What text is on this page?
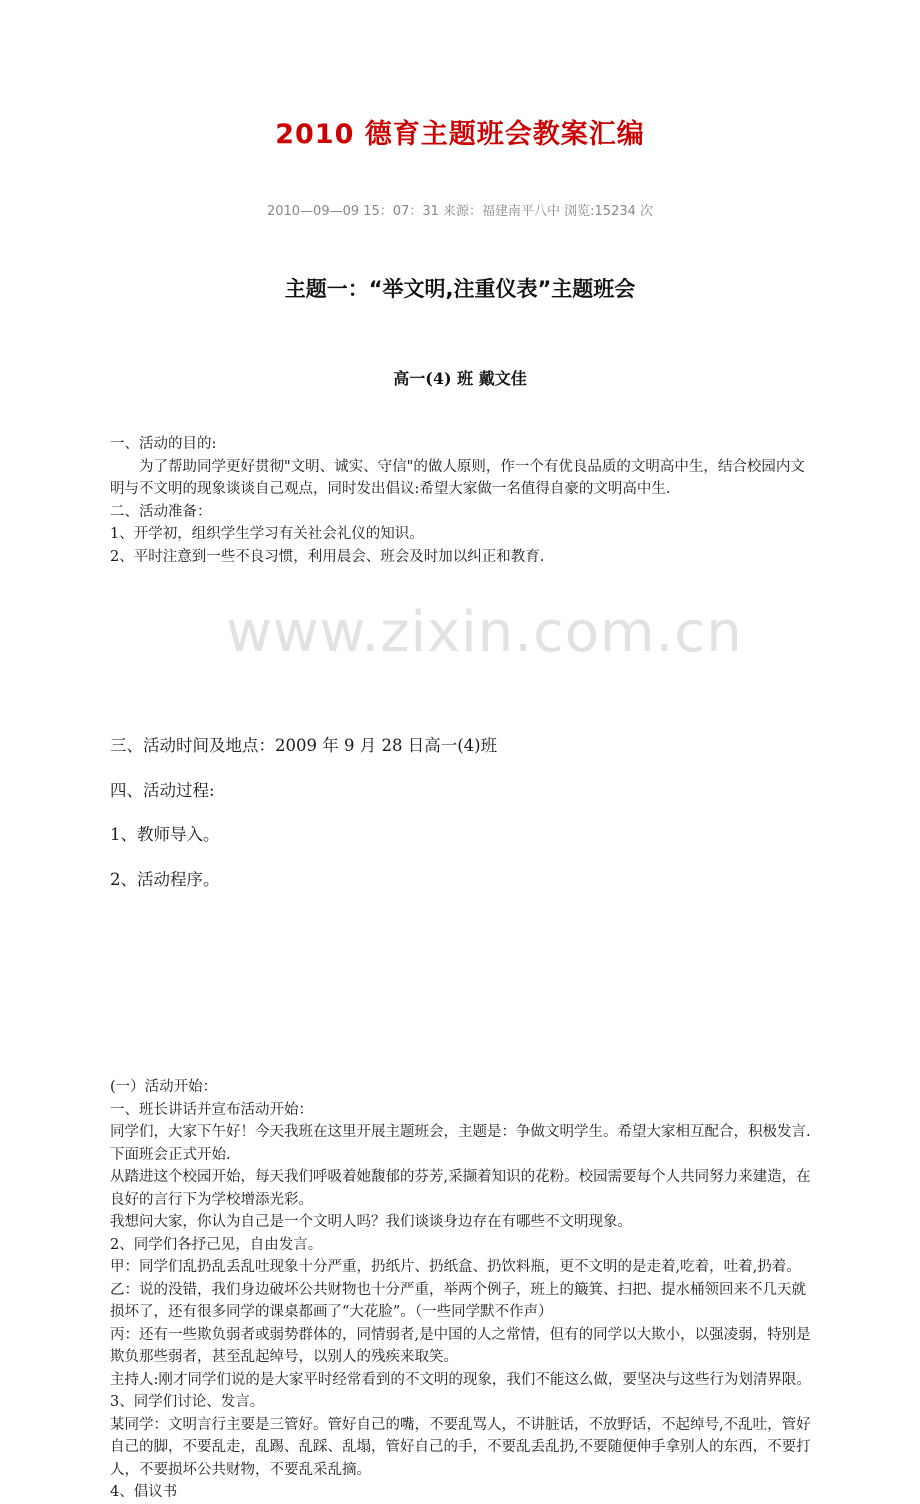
www.zixin.com.cn
2010 德育主题班会教案汇编
2010—09—09 15：07：31 来源：福建南平八中 浏览:15234 次
主题一：“举文明,注重仪表”主题班会
高一(4) 班 戴文佳

一、活动的目的:

为了帮助同学更好贯彻"文明、诚实、守信"的做人原则，作一个有优良品质的文明高中生，结合校园内文明与不文明的现象谈谈自己观点，同时发出倡议:希望大家做一名值得自豪的文明高中生.

二、活动准备：

1、开学初，组织学生学习有关社会礼仪的知识。

2、平时注意到一些不良习惯，利用晨会、班会及时加以纠正和教育.

三、活动时间及地点：2009 年 9 月 28 日高一(4)班

四、活动过程:

1、教师导入。

2、活动程序。

(一）活动开始：

一、班长讲话并宣布活动开始：

同学们，大家下午好！今天我班在这里开展主题班会，主题是：争做文明学生。希望大家相互配合，积极发言.下面班会正式开始.

从踏进这个校园开始，每天我们呼吸着她馥郁的芬芳,采撷着知识的花粉。校园需要每个人共同努力来建造，在良好的言行下为学校增添光彩。

我想问大家，你认为自己是一个文明人吗？我们谈谈身边存在有哪些不文明现象。

2、同学们各抒己见，自由发言。

甲：同学们乱扔乱丢乱吐现象十分严重，扔纸片、扔纸盒、扔饮料瓶，更不文明的是走着,吃着，吐着,扔着。

乙：说的没错，我们身边破坏公共财物也十分严重，举两个例子，班上的簸箕、扫把、提水桶领回来不几天就损坏了，还有很多同学的课桌都画了“大花脸”。（一些同学默不作声）

丙：还有一些欺负弱者或弱势群体的，同情弱者,是中国的人之常情，但有的同学以大欺小，以强凌弱，特别是欺负那些弱者，甚至乱起绰号，以别人的残疾来取笑。

主持人:刚才同学们说的是大家平时经常看到的不文明的现象，我们不能这么做，要坚决与这些行为划清界限。

3、同学们讨论、发言。

某同学：文明言行主要是三管好。管好自己的嘴，不要乱骂人，不讲脏话，不放野话，不起绰号,不乱吐，管好自己的脚，不要乱走，乱踢、乱踩、乱塌，管好自己的手，不要乱丢乱扔,不要随便伸手拿别人的东西，不要打人，不要损坏公共财物，不要乱采乱摘。

4、倡议书
